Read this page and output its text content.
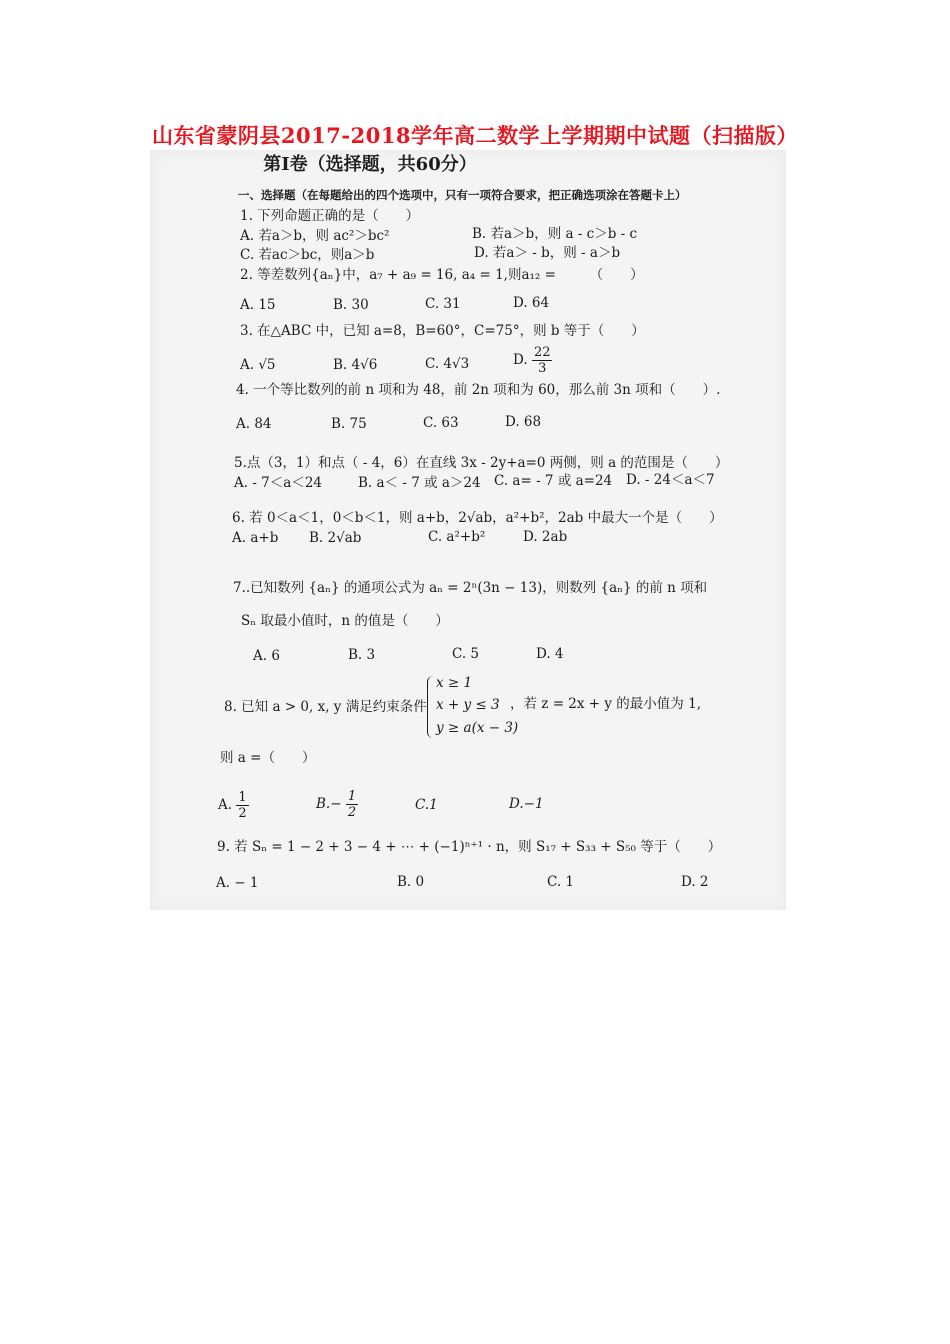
山东省蒙阴县2017-2018学年高二数学上学期期中试题（扫描版）
第Ⅰ卷（选择题，共60分）
一、选择题（在每题给出的四个选项中，只有一项符合要求，把正确选项涂在答题卡上）
1. 下列命题正确的是（　　）
A. 若a＞b，则 ac²＞bc²	B. 若a＞b，则 a - c＞b - c
C. 若ac＞bc，则a＞b	D. 若a＞ - b，则 - a＞b
2. 等差数列{aₙ}中，a₇ + a₉ = 16, a₄ = 1,则a₁₂ =　　　（　　）
A. 15	B. 30	C. 31	D. 64
3. 在△ABC 中，已知 a=8，B=60°，C=75°，则 b 等于（　　）
A. √5	B. 4√6	C. 4√3	D. $\frac{22}{3}$
4. 一个等比数列的前 n 项和为 48，前 2n 项和为 60，那么前 3n 项和（　　）.
A. 84	B. 75	C. 63	D. 68
5.点（3，1）和点（ - 4，6）在直线 3x - 2y+a=0 两侧，则 a 的范围是（　　）
A. - 7＜a＜24	B. a＜ - 7 或 a＞24 C. a= - 7 或 a=24 D. - 24＜a＜7
6. 若 0＜a＜1，0＜b＜1，则 a+b，2√ab，a²+b²，2ab 中最大一个是（　　）
A. a+b B. 2√ab	C. a²+b²	D. 2ab
7..已知数列 {aₙ} 的通项公式为 aₙ = 2ⁿ(3n − 13)，则数列 {aₙ} 的前 n 项和
Sₙ 取最小值时，n 的值是（　　）
A. 6	B. 3	C. 5	D. 4
8. 已知 a > 0, x, y 满足约束条件
x ≥ 1
x + y ≤ 3
y ≥ a(x − 3)
，若 z = 2x + y 的最小值为 1,
则 a =（　　）
A. $\frac{1}{2}$	$B.- \frac{1}{2}$	C.1	D.−1
9. 若 Sₙ = 1 − 2 + 3 − 4 + ⋯ + (−1)ⁿ⁺¹ · n，则 S₁₇ + S₃₃ + S₅₀ 等于（　　）
A. − 1	B. 0	C. 1	D. 2
